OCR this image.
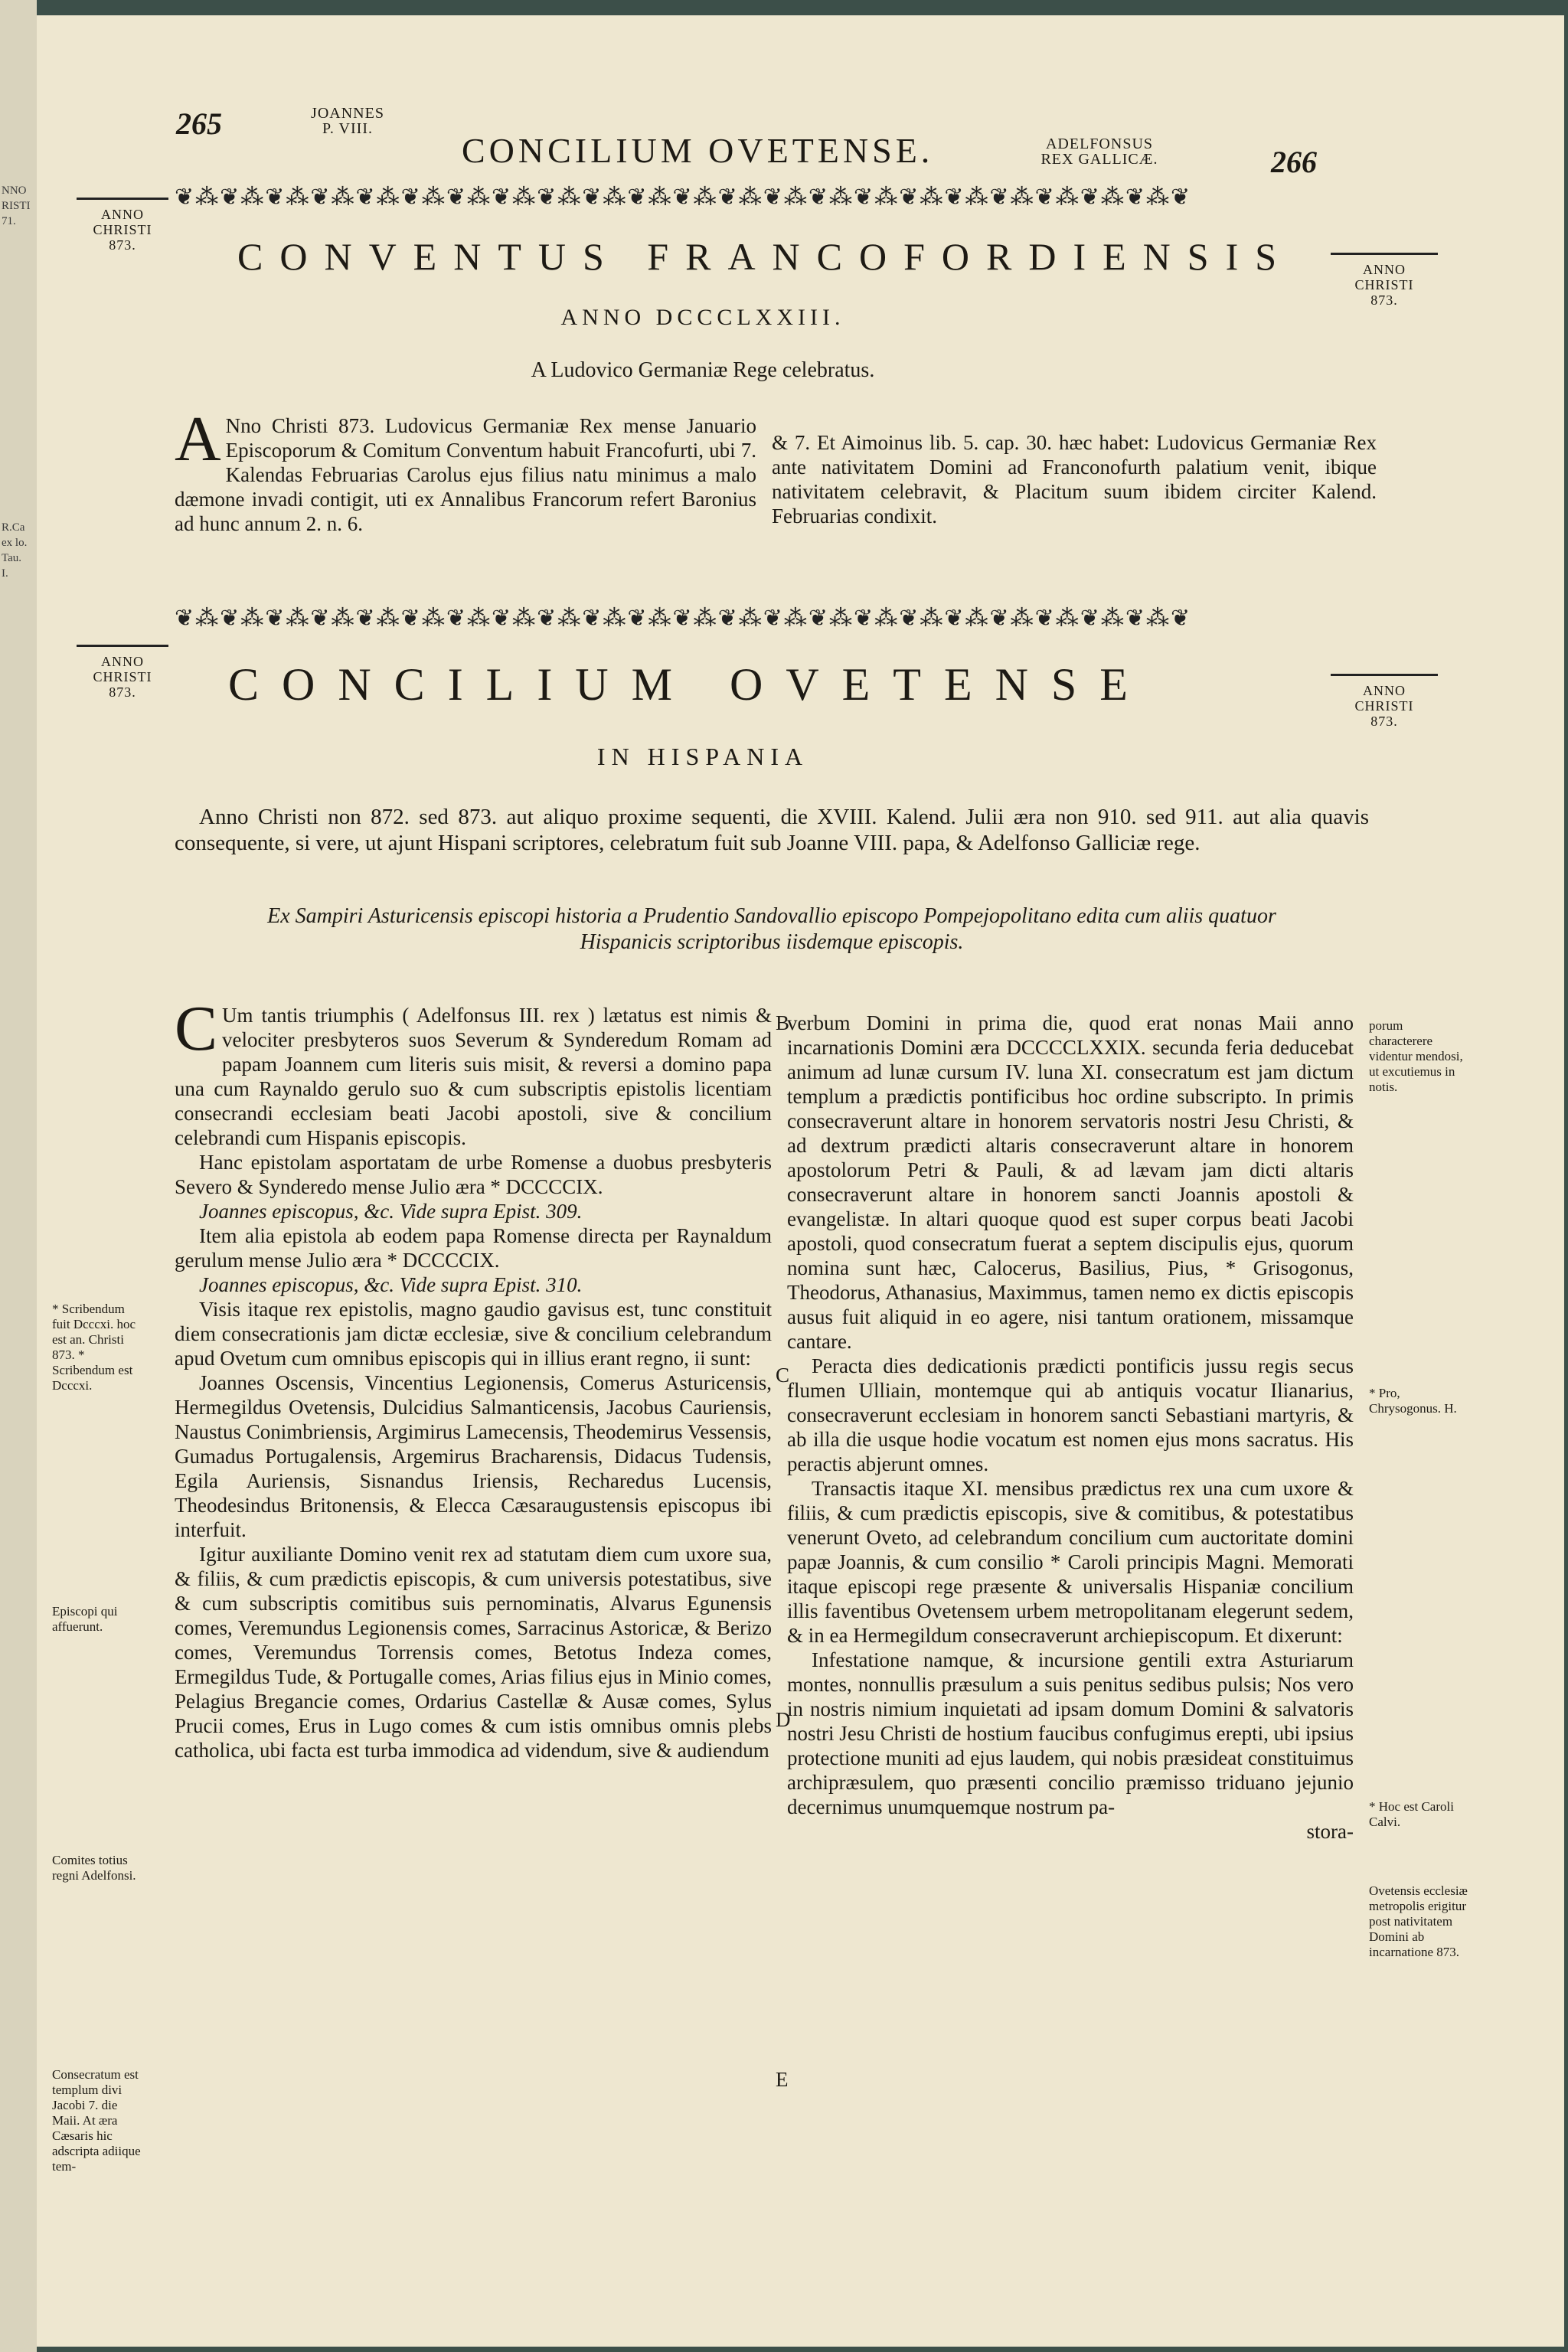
NNO
RISTI
71.
R.Ca
ex lo.
Tau.
I.
265	JOANNES
P. VIII.
CONCILIUM OVETENSE.	ADELFONSUS
REX GALLICÆ.	266
❦⁂❦⁂❦⁂❦⁂❦⁂❦⁂❦⁂❦⁂❦⁂❦⁂❦⁂❦⁂❦⁂❦⁂❦⁂❦⁂❦⁂❦⁂❦⁂❦⁂❦⁂❦⁂❦
ANNO
CHRISTI
873.
ANNO
CHRISTI
873.
CONVENTUS FRANCOFORDIENSIS
ANNO DCCCLXXIII.
A Ludovico Germaniæ Rege celebratus.
A Nno Christi 873. Ludovicus Germaniæ Rex mense Januario Episcoporum & Comitum Conventum habuit Francofurti, ubi 7. Kalendas Februarias Carolus ejus filius natu minimus a malo dæmone invadi contigit, uti ex Annalibus Francorum refert Baronius ad hunc annum 2. n. 6.
& 7. Et Aimoinus lib. 5. cap. 30. hæc habet: Ludovicus Germaniæ Rex ante nativitatem Domini ad Franconofurth palatium venit, ibique nativitatem celebravit, & Placitum suum ibidem circiter Kalend. Februarias condixit.
❦⁂❦⁂❦⁂❦⁂❦⁂❦⁂❦⁂❦⁂❦⁂❦⁂❦⁂❦⁂❦⁂❦⁂❦⁂❦⁂❦⁂❦⁂❦⁂❦⁂❦⁂❦⁂❦
ANNO
CHRISTI
873.	ANNO
CHRISTI
873.
CONCILIUM OVETENSE
IN HISPANIA
Anno Christi non 872. sed 873. aut aliquo proxime sequenti, die XVIII. Kalend. Julii æra non 910. sed 911. aut alia quavis consequente, si vere, ut ajunt Hispani scriptores, celebratum fuit sub Joanne VIII. papa, & Adelfonso Galliciæ rege.
Ex Sampiri Asturicensis episcopi historia a Prudentio Sandovallio episcopo Pompejopolitano edita cum aliis quatuor Hispanicis scriptoribus iisdemque episcopis.
C Um tantis triumphis ( Adelfonsus III. rex ) lætatus est nimis & velociter presbyteros suos Severum & Synderedum Romam ad papam Joannem cum literis suis misit, & reversi a domino papa una cum Raynaldo gerulo suo & cum subscriptis epistolis licentiam consecrandi ecclesiam beati Jacobi apostoli, sive & concilium celebrandi cum Hispanis episcopis.
Hanc epistolam asportatam de urbe Romense a duobus presbyteris Severo & Synderedo mense Julio æra * DCCCCIX.
Joannes episcopus, &c. Vide supra Epist. 309.
Item alia epistola ab eodem papa Romense directa per Raynaldum gerulum mense Julio æra * DCCCCIX.
Joannes episcopus, &c. Vide supra Epist. 310.
Visis itaque rex epistolis, magno gaudio gavisus est, tunc constituit diem consecrationis jam dictæ ecclesiæ, sive & concilium celebrandum apud Ovetum cum omnibus episcopis qui in illius erant regno, ii sunt:
Joannes Oscensis, Vincentius Legionensis, Comerus Asturicensis, Hermegildus Ovetensis, Dulcidius Salmanticensis, Jacobus Cauriensis, Naustus Conimbriensis, Argimirus Lamecensis, Theodemirus Vessensis, Gumadus Portugalensis, Argemirus Bracharensis, Didacus Tudensis, Egila Auriensis, Sisnandus Iriensis, Recharedus Lucensis, Theodesindus Britonensis, & Elecca Cæsaraugustensis episcopus ibi interfuit.
Igitur auxiliante Domino venit rex ad statutam diem cum uxore sua, & filiis, & cum prædictis episcopis, & cum universis potestatibus, sive & cum subscriptis comitibus suis pernominatis, Alvarus Egunensis comes, Veremundus Legionensis comes, Sarracinus Astoricæ, & Berizo comes, Veremundus Torrensis comes, Betotus Indeza comes, Ermegildus Tude, & Portugalle comes, Arias filius ejus in Minio comes, Pelagius Bregancie comes, Ordarius Castellæ & Ausæ comes, Sylus Prucii comes, Erus in Lugo comes & cum istis omnibus omnis plebs catholica, ubi facta est turba immodica ad videndum, sive & audiendum
verbum Domini in prima die, quod erat nonas Maii anno incarnationis Domini æra DCCCCLXXIX. secunda feria deducebat animum ad lunæ cursum IV. luna XI. consecratum est jam dictum templum a prædictis pontificibus hoc ordine subscripto. In primis consecraverunt altare in honorem servatoris nostri Jesu Christi, & ad dextrum prædicti altaris consecraverunt altare in honorem apostolorum Petri & Pauli, & ad lævam jam dicti altaris consecraverunt altare in honorem sancti Joannis apostoli & evangelistæ. In altari quoque quod est super corpus beati Jacobi apostoli, quod consecratum fuerat a septem discipulis ejus, quorum nomina sunt hæc, Calocerus, Basilius, Pius, * Grisogonus, Theodorus, Athanasius, Maximmus, tamen nemo ex dictis episcopis ausus fuit aliquid in eo agere, nisi tantum orationem, missamque cantare.
Peracta dies dedicationis prædicti pontificis jussu regis secus flumen Ulliain, montemque qui ab antiquis vocatur Ilianarius, consecraverunt ecclesiam in honorem sancti Sebastiani martyris, & ab illa die usque hodie vocatum est nomen ejus mons sacratus. His peractis abjerunt omnes.
Transactis itaque XI. mensibus prædictus rex una cum uxore & filiis, & cum prædictis episcopis, sive & comitibus, & potestatibus venerunt Oveto, ad celebrandum concilium cum auctoritate domini papæ Joannis, & cum consilio * Caroli principis Magni. Memorati itaque episcopi rege præsente & universalis Hispaniæ concilium illis faventibus Ovetensem urbem metropolitanam elegerunt sedem, & in ea Hermegildum consecraverunt archiepiscopum. Et dixerunt:
Infestatione namque, & incursione gentili extra Asturiarum montes, nonnullis præsulum a suis penitus sedibus pulsis; Nos vero in nostris nimium inquietati ad ipsam domum Domini & salvatoris nostri Jesu Christi de hostium faucibus confugimus erepti, ubi ipsius protectione muniti ad ejus laudem, qui nobis præsideat constituimus archipræsulem, quo præsenti concilio præmisso triduano jejunio decernimus unumquemque nostrum pa-
stora-
B
C
D
E
* Scribendum fuit Dcccxi. hoc est an. Christi 873. * Scribendum est Dcccxi.
Episcopi qui affuerunt.
Comites totius regni Adelfonsi.
Consecratum est templum divi Jacobi 7. die Maii. At æra Cæsaris hic adscripta adiique tem-
porum characterere videntur mendosi, ut excutiemus in notis.
* Pro, Chrysogonus. H.
* Hoc est Caroli Calvi.
Ovetensis ecclesiæ metropolis erigitur post nativitatem Domini ab incarnatione 873.
